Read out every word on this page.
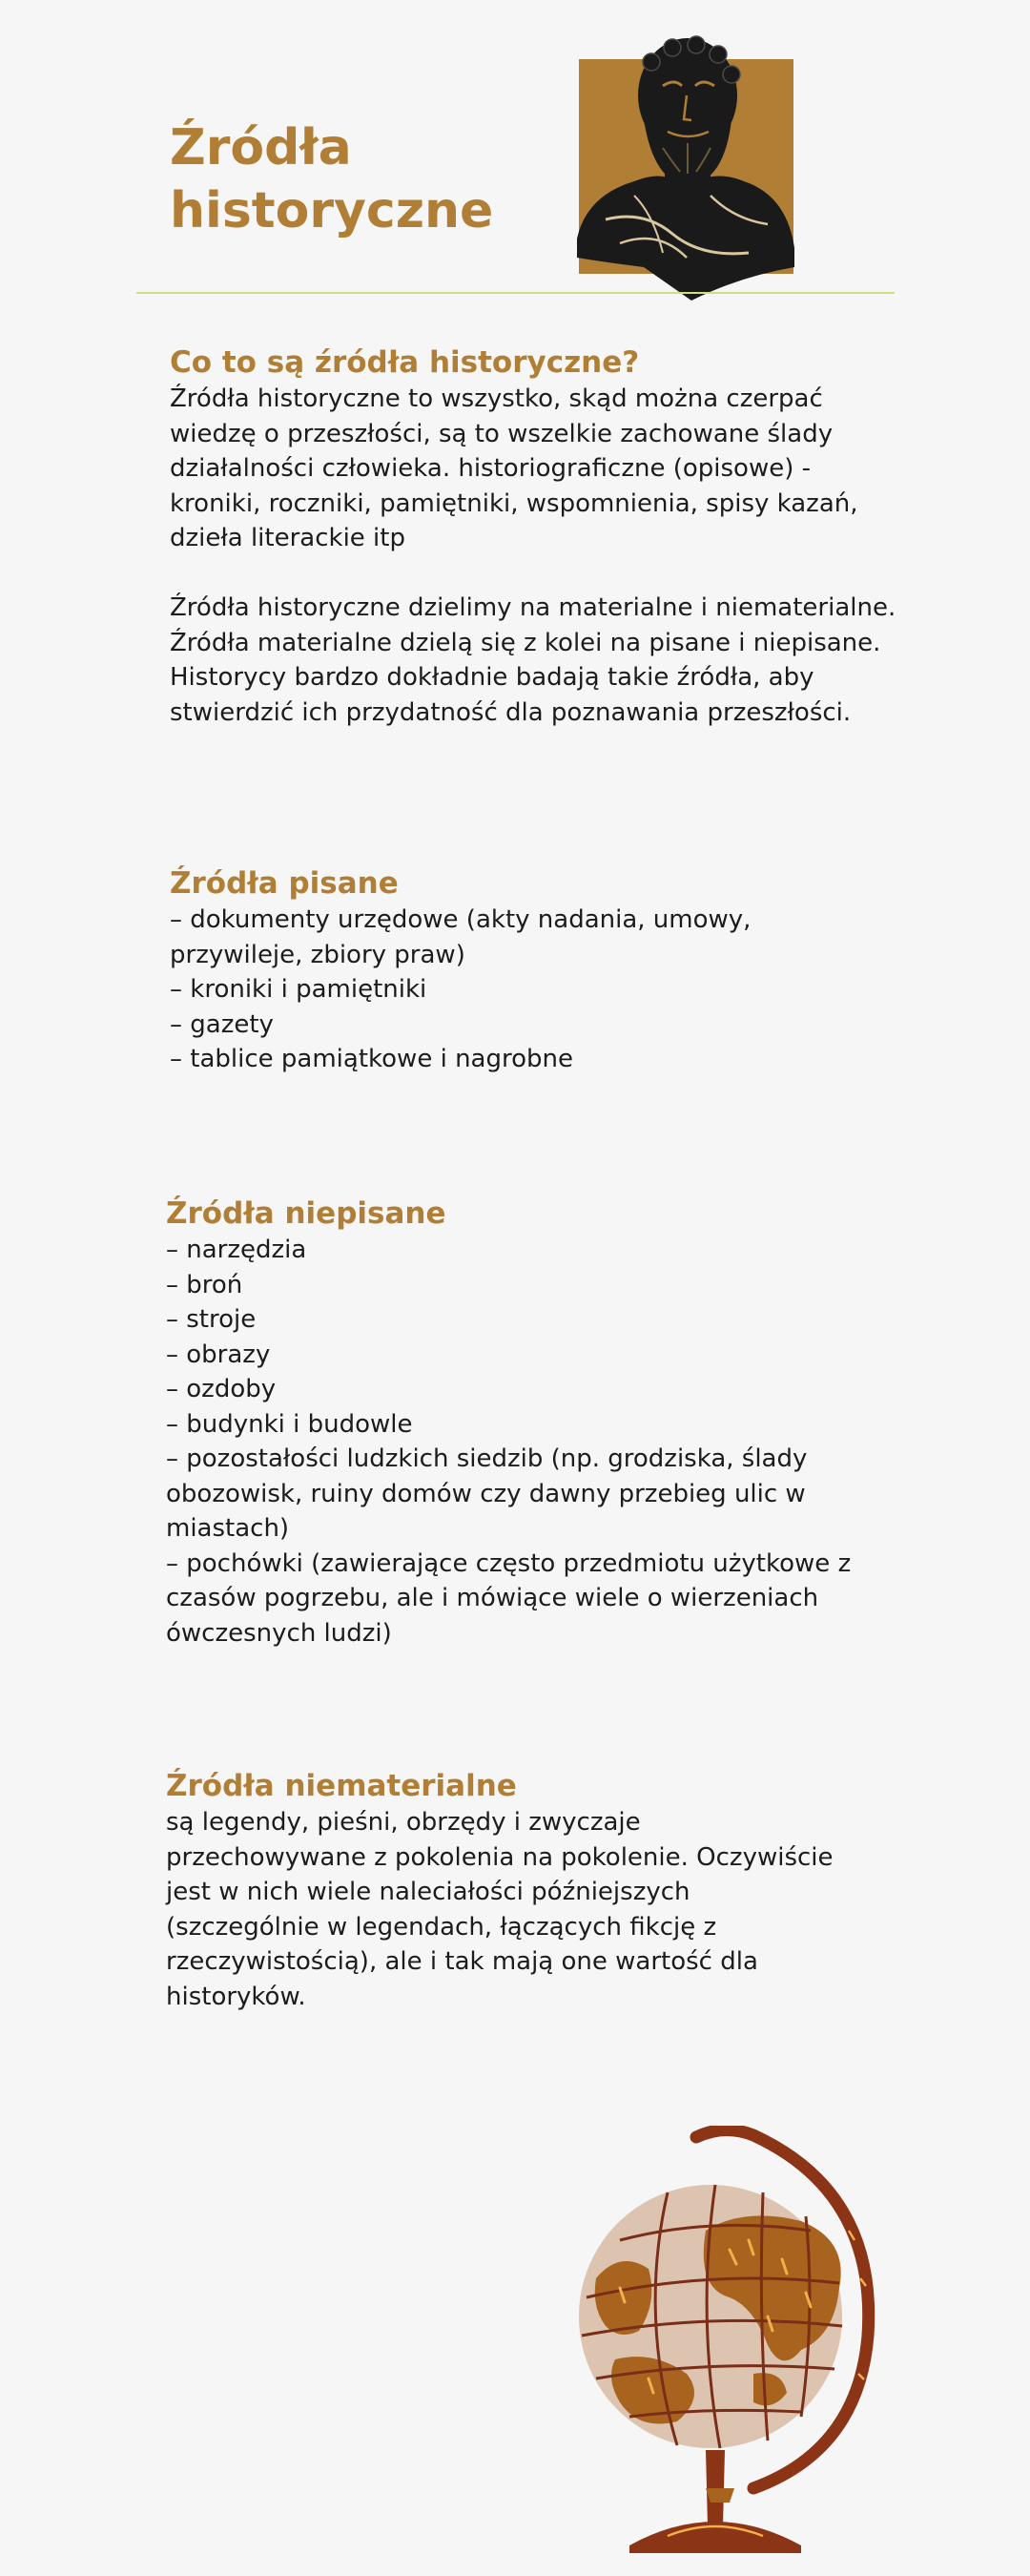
Źródła
historyczne
Co to są źródła historyczne?

Źródła historyczne to wszystko, skąd można czerpać wiedzę o przeszłości, są to wszelkie zachowane ślady działalności człowieka. historiograficzne (opisowe) - kroniki, roczniki, pamiętniki, wspomnienia, spisy kazań, dzieła literackie itp

Źródła historyczne dzielimy na materialne i niematerialne. Źródła materialne dzielą się z kolei na pisane i niepisane. Historycy bardzo dokładnie badają takie źródła, aby stwierdzić ich przydatność dla poznawania przeszłości.

Źródła pisane
– dokumenty urzędowe (akty nadania, umowy, przywileje, zbiory praw)
– kroniki i pamiętniki
– gazety
– tablice pamiątkowe i nagrobne
Źródła niepisane
– narzędzia
– broń
– stroje
– obrazy
– ozdoby
– budynki i budowle
– pozostałości ludzkich siedzib (np. grodziska, ślady obozowisk, ruiny domów czy dawny przebieg ulic w miastach)
– pochówki (zawierające często przedmiotu użytkowe z czasów pogrzebu, ale i mówiące wiele o wierzeniach ówczesnych ludzi)
Źródła niematerialne

są legendy, pieśni, obrzędy i zwyczaje przechowywane z pokolenia na pokolenie. Oczywiście jest w nich wiele naleciałości późniejszych (szczególnie w legendach, łączących fikcję z rzeczywistością), ale i tak mają one wartość dla historyków.
